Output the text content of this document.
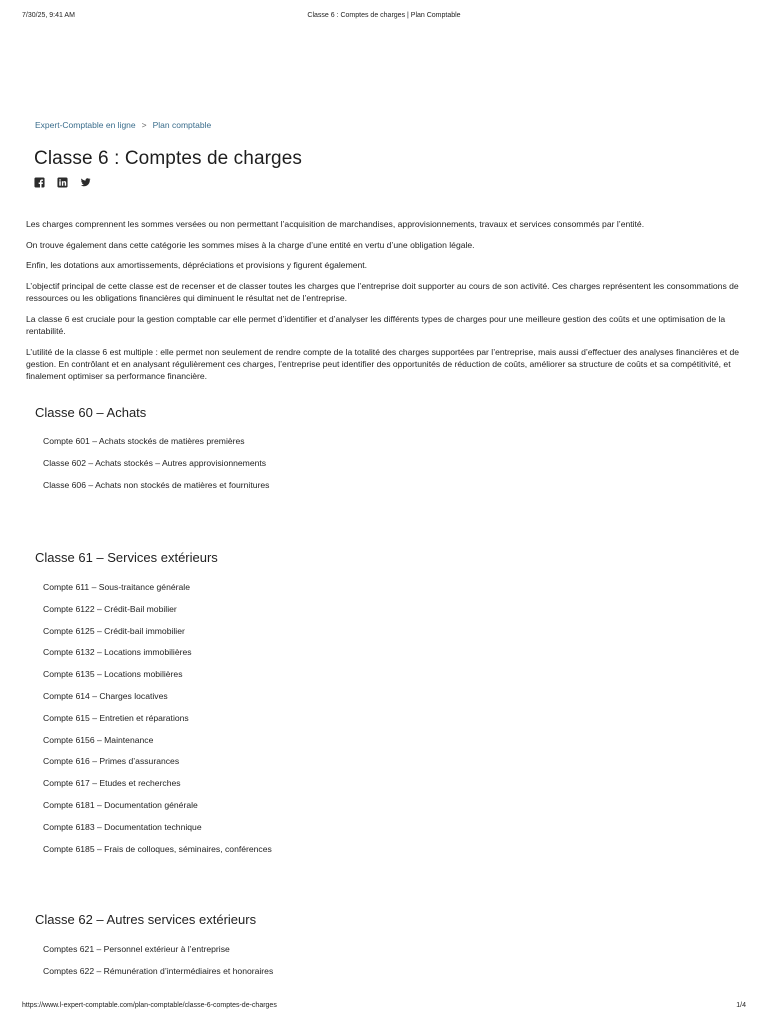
7/30/25, 9:41 AM	Classe 6 : Comptes de charges | Plan Comptable
Expert-Comptable en ligne > Plan comptable
Classe 6 : Comptes de charges

Les charges comprennent les sommes versées ou non permettant l’acquisition de marchandises, approvisionnements, travaux et services consommés par l’entité.

On trouve également dans cette catégorie les sommes mises à la charge d’une entité en vertu d’une obligation légale.

Enfin, les dotations aux amortissements, dépréciations et provisions y figurent également.

L’objectif principal de cette classe est de recenser et de classer toutes les charges que l’entreprise doit supporter au cours de son activité. Ces charges représentent les consommations de ressources ou les obligations financières qui diminuent le résultat net de l’entreprise.

La classe 6 est cruciale pour la gestion comptable car elle permet d’identifier et d’analyser les différents types de charges pour une meilleure gestion des coûts et une optimisation de la rentabilité.

L’utilité de la classe 6 est multiple : elle permet non seulement de rendre compte de la totalité des charges supportées par l’entreprise, mais aussi d’effectuer des analyses financières et de gestion. En contrôlant et en analysant régulièrement ces charges, l’entreprise peut identifier des opportunités de réduction de coûts, améliorer sa structure de coûts et sa compétitivité, et finalement optimiser sa performance financière.

Classe 60 – Achats
Compte 601 – Achats stockés de matières premières
Classe 602 – Achats stockés – Autres approvisionnements
Classe 606 – Achats non stockés de matières et fournitures
Classe 61 – Services extérieurs
Compte 611 – Sous-traitance générale
Compte 6122 – Crédit-Bail mobilier
Compte 6125 – Crédit-bail immobilier
Compte 6132 – Locations immobilières
Compte 6135 – Locations mobilières
Compte 614 – Charges locatives
Compte 615 – Entretien et réparations
Compte 6156 – Maintenance
Compte 616 – Primes d’assurances
Compte 617 – Etudes et recherches
Compte 6181 – Documentation générale
Compte 6183 – Documentation technique
Compte 6185 – Frais de colloques, séminaires, conférences
Classe 62 – Autres services extérieurs
Comptes 621 – Personnel extérieur à l’entreprise
Comptes 622 – Rémunération d’intermédiaires et honoraires
https://www.l-expert-comptable.com/plan-comptable/classe-6-comptes-de-charges	1/4
